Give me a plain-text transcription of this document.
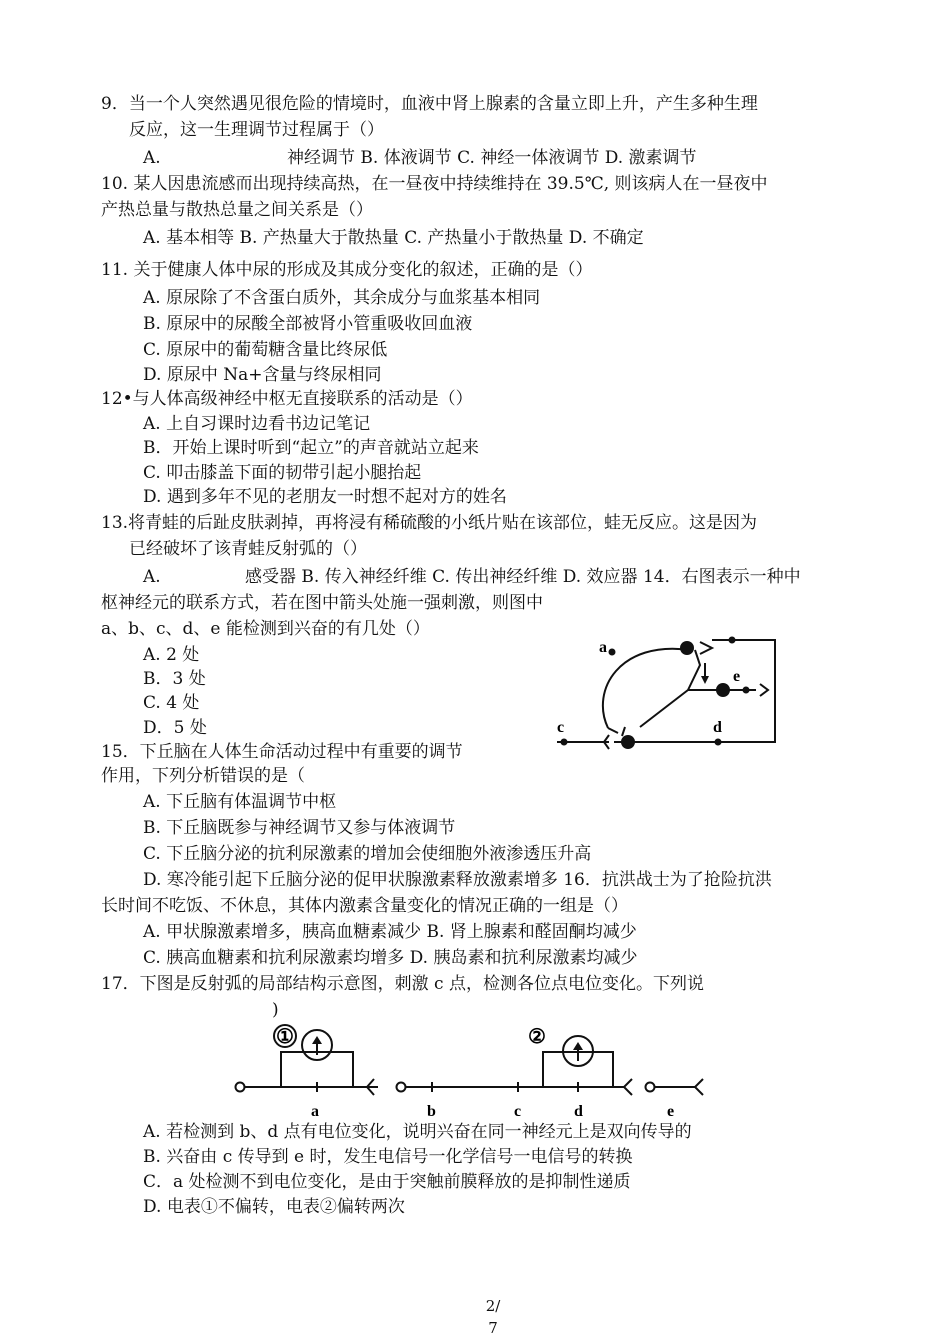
9．当一个人突然遇见很危险的情境时，血液中肾上腺素的含量立即上升，产生多种生理
反应，这一生理调节过程属于（）
A.	神经调节 B. 体液调节 C. 神经一体液调节 D. 激素调节
10. 某人因患流感而出现持续高热，在一昼夜中持续维持在 39.5℃, 则该病人在一昼夜中
产热总量与散热总量之间关系是（）
A. 基本相等 B. 产热量大于散热量 C. 产热量小于散热量 D. 不确定
11. 关于健康人体中尿的形成及其成分变化的叙述，正确的是（）
A. 原尿除了不含蛋白质外，其余成分与血浆基本相同
B. 原尿中的尿酸全部被肾小管重吸收回血液
C. 原尿中的葡萄糖含量比终尿低
D. 原尿中 Na+含量与终尿相同
12•与人体高级神经中枢无直接联系的活动是（）
A. 上自习课时边看书边记笔记
B．开始上课时听到“起立”的声音就站立起来
C. 叩击膝盖下面的韧带引起小腿抬起
D. 遇到多年不见的老朋友一时想不起对方的姓名
13.将青蛙的后趾皮肤剥掉，再将浸有稀硫酸的小纸片贴在该部位，蛙无反应。这是因为
已经破坏了该青蛙反射弧的（）
A.	感受器 B. 传入神经纤维 C. 传出神经纤维 D. 效应器 14．右图表示一种中
枢神经元的联系方式，若在图中箭头处施一强刺激，则图中
a、b、c、d、e 能检测到兴奋的有几处（）
A. 2 处
B．3 处
C. 4 处
D．5 处
15．下丘脑在人体生命活动过程中有重要的调节
作用，下列分析错误的是（
A. 下丘脑有体温调节中枢
B. 下丘脑既参与神经调节又参与体液调节
C. 下丘脑分泌的抗利尿激素的增加会使细胞外液渗透压升高
D. 寒冷能引起下丘脑分泌的促甲状腺激素释放激素增多 16．抗洪战士为了抢险抗洪
长时间不吃饭、不休息，其体内激素含量变化的情况正确的一组是（）
A. 甲状腺激素增多，胰高血糖素减少 B. 肾上腺素和醛固酮均减少
C. 胰高血糖素和抗利尿激素均增多 D. 胰岛素和抗利尿激素均减少
17．下图是反射弧的局部结构示意图，刺激 c 点，检测各位点电位变化。下列说
)
A. 若检测到 b、d 点有电位变化，说明兴奋在同一神经元上是双向传导的
B. 兴奋由 c 传导到 e 时，发生电信号一化学信号一电信号的转换
C．a 处检测不到电位变化，是由于突触前膜释放的是抑制性递质
D. 电表①不偏转，电表②偏转两次
a
e
c	d
①	②
a	b	c	d	e
2/
7
